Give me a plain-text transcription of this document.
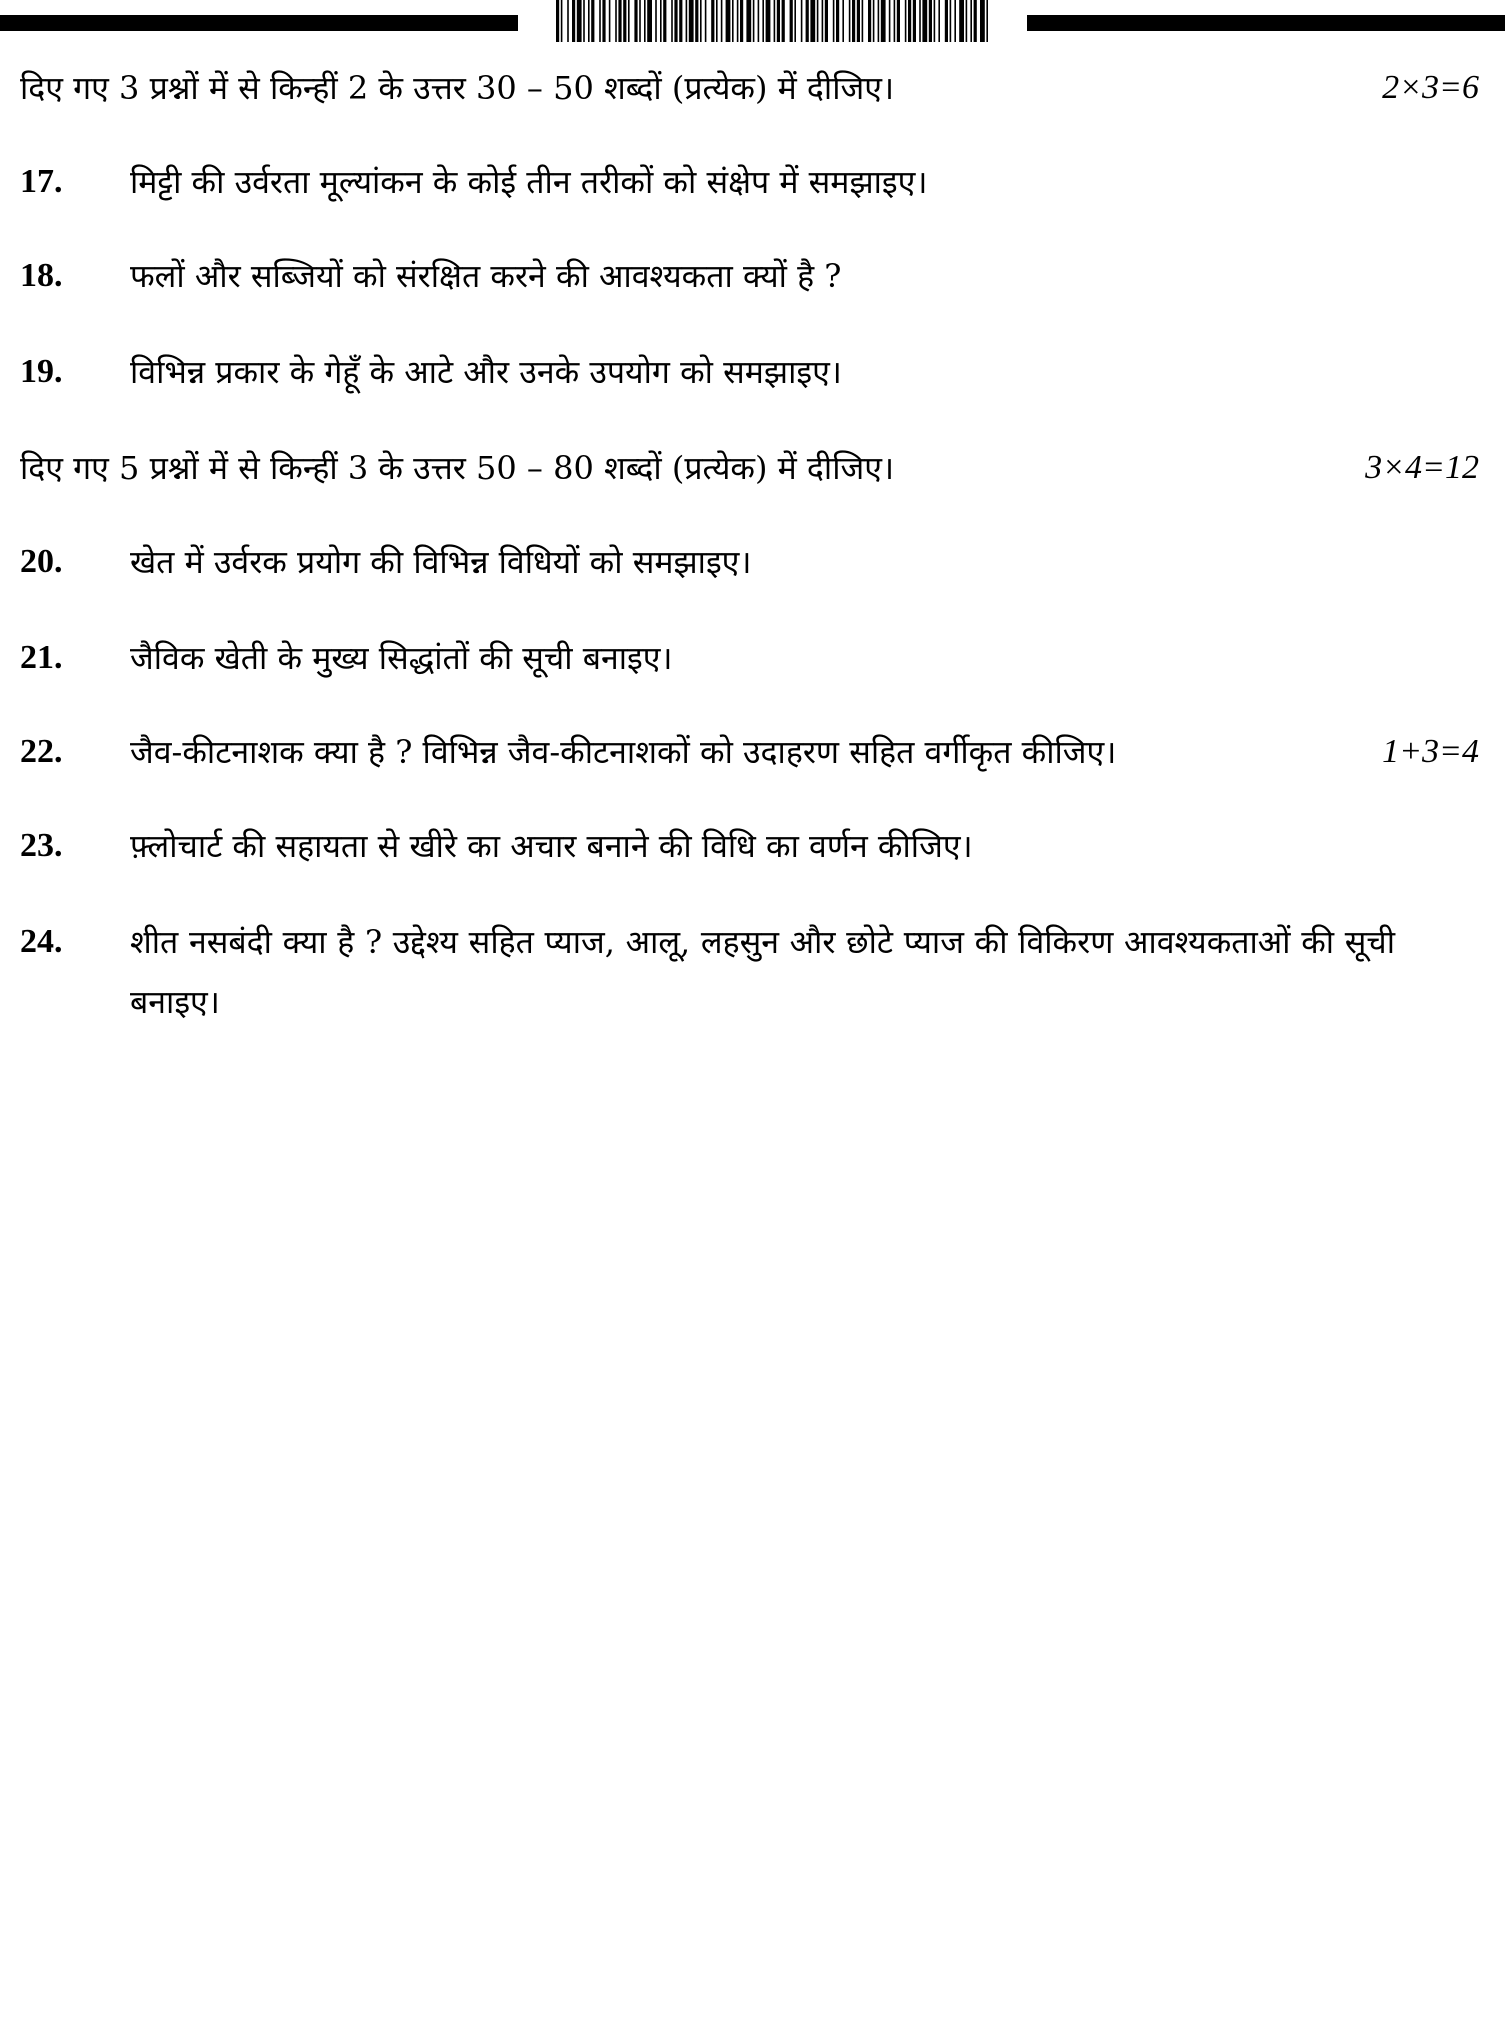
दिए गए 3 प्रश्नों में से किन्हीं 2 के उत्तर 30 – 50 शब्दों (प्रत्येक) में दीजिए।	2×3=6
17. मिट्टी की उर्वरता मूल्यांकन के कोई तीन तरीकों को संक्षेप में समझाइए।
18. फलों और सब्जियों को संरक्षित करने की आवश्यकता क्यों है ?
19. विभिन्न प्रकार के गेहूँ के आटे और उनके उपयोग को समझाइए।
दिए गए 5 प्रश्नों में से किन्हीं 3 के उत्तर 50 – 80 शब्दों (प्रत्येक) में दीजिए।	3×4=12
20. खेत में उर्वरक प्रयोग की विभिन्न विधियों को समझाइए।
21. जैविक खेती के मुख्य सिद्धांतों की सूची बनाइए।
22. जैव-कीटनाशक क्या है ? विभिन्न जैव-कीटनाशकों को उदाहरण सहित वर्गीकृत कीजिए।	1+3=4
23. फ़्लोचार्ट की सहायता से खीरे का अचार बनाने की विधि का वर्णन कीजिए।
24. शीत नसबंदी क्या है ? उद्देश्य सहित प्याज, आलू, लहसुन और छोटे प्याज की विकिरण आवश्यकताओं की सूची बनाइए।
